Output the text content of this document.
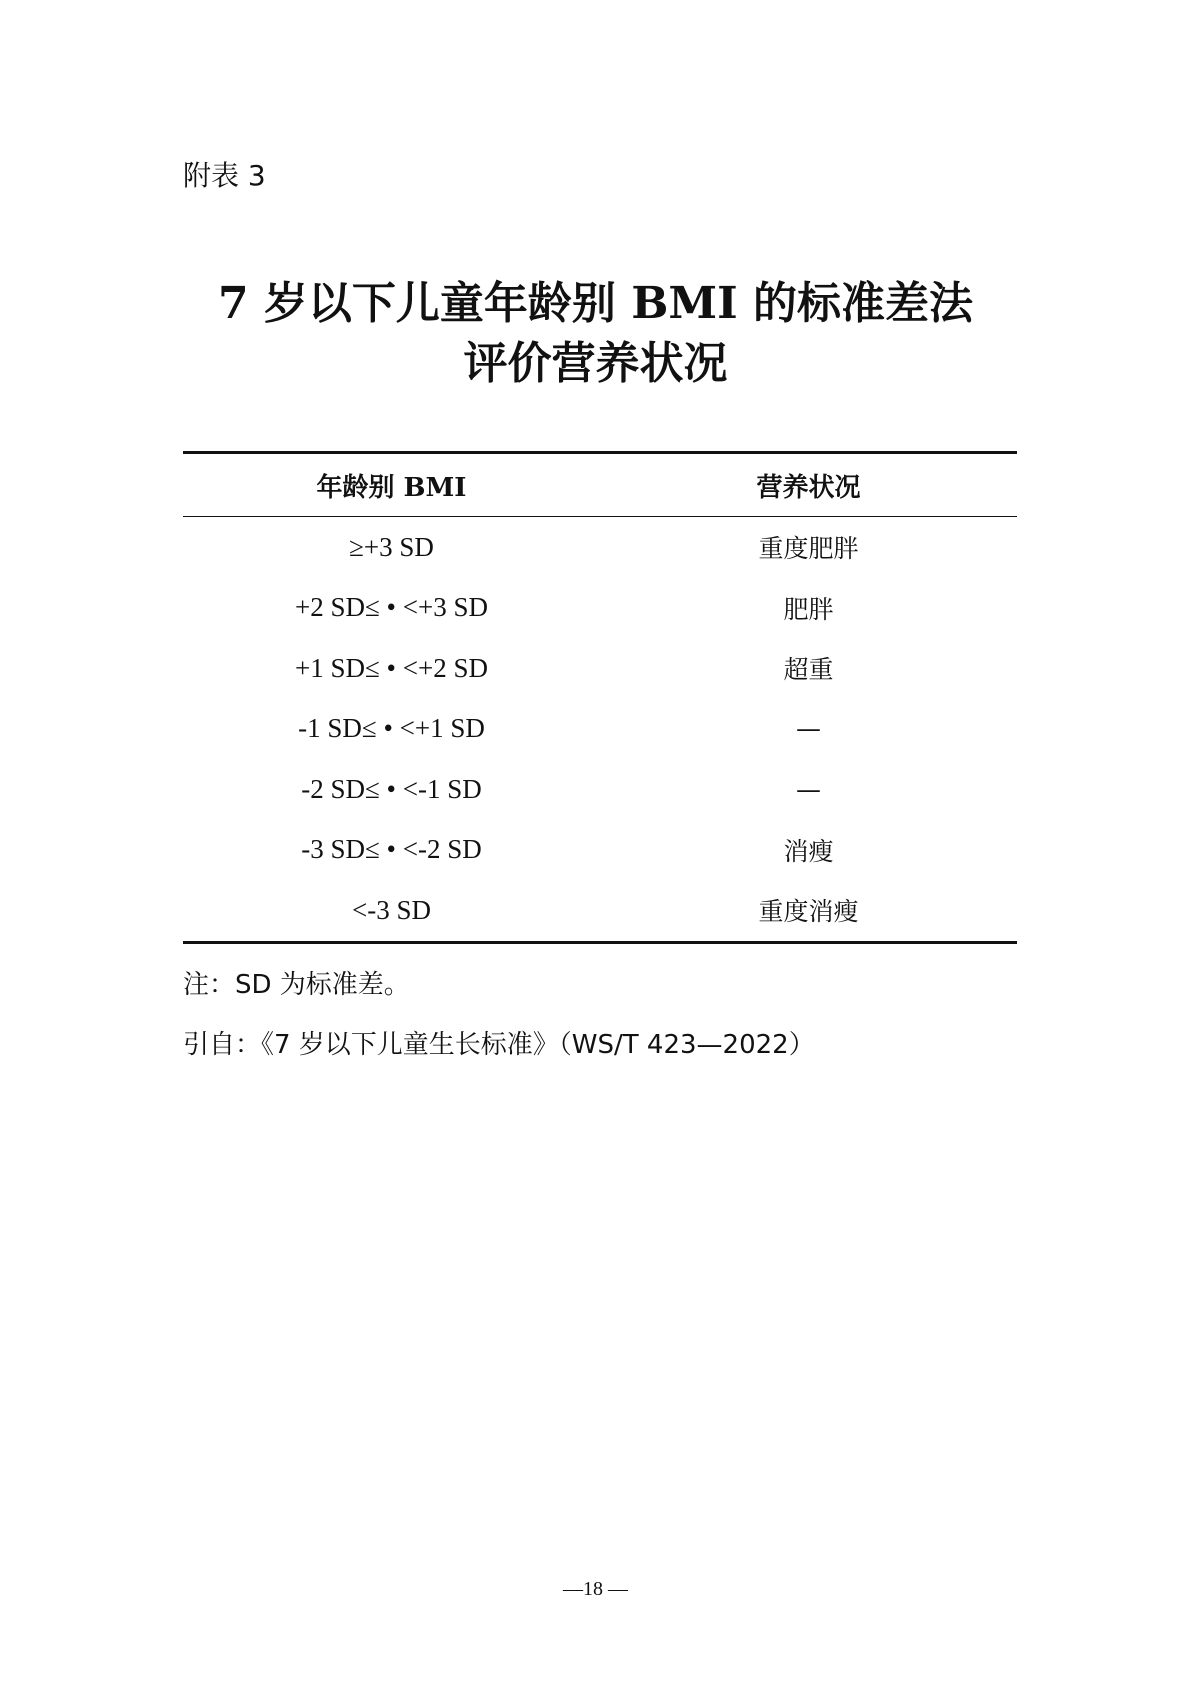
附表 3
7 岁以下儿童年龄别 BMI 的标准差法
评价营养状况
年龄别 BMI	营养状况
≥+3 SD	重度肥胖
+2 SD≤ • <+3 SD	肥胖
+1 SD≤ • <+2 SD	超重
-1 SD≤ • <+1 SD	—
-2 SD≤ • <-1 SD	—
-3 SD≤ • <-2 SD	消瘦
<-3 SD	重度消瘦
注：SD 为标准差。
引自：《7 岁以下儿童生长标准》（WS/T 423—2022）
—18 —
